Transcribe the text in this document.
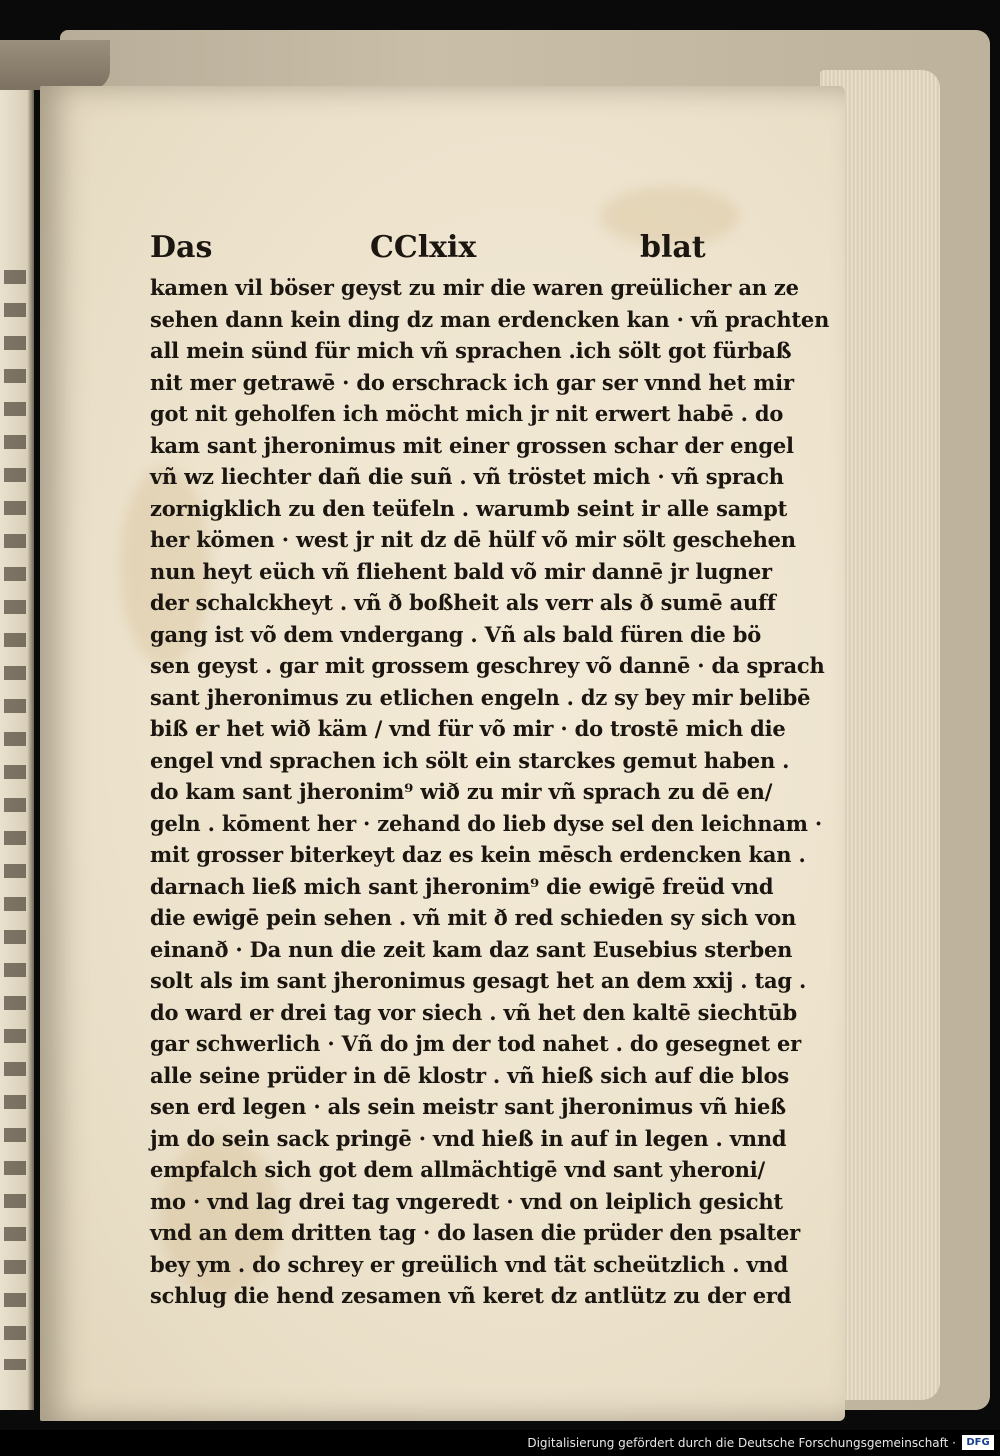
Das	CClxix	blat
kamen vil böser geyst zu mir die waren greülicher an ze
sehen dann kein ding dz man erdencken kan · vñ prachten
all mein sünd für mich vñ sprachen .ich sölt got fürbaß
nit mer getrawē · do erschrack ich gar ser vnnd het mir
got nit geholfen ich möcht mich jr nit erwert habē . do
kam sant jheronimus mit einer grossen schar der engel
vñ wz liechter dañ die suñ . vñ tröstet mich · vñ sprach
zornigklich zu den teüfeln . warumb seint ir alle sampt
her kömen · west jr nit dz dē hülf võ mir sölt geschehen
nun heyt eüch vñ fliehent bald võ mir dannē jr lugner
der schalckheyt . vñ ð boßheit als verr als ð sumē auff
gang ist võ dem vndergang . Vñ als bald füren die bö
sen geyst . gar mit grossem geschrey võ dannē · da sprach
sant jheronimus zu etlichen engeln . dz sy bey mir belibē
biß er het wið käm / vnd für võ mir · do trostē mich die
engel vnd sprachen ich sölt ein starckes gemut haben .
do kam sant jheronim⁹ wið zu mir vñ sprach zu dē en/
geln . kōment her · zehand do lieb dyse sel den leichnam ·
mit grosser biterkeyt daz es kein mēsch erdencken kan .
darnach ließ mich sant jheronim⁹ die ewigē freüd vnd
die ewigē pein sehen . vñ mit ð red schieden sy sich von
einanð · Da nun die zeit kam daz sant Eusebius sterben
solt als im sant jheronimus gesagt het an dem xxij . tag .
do ward er drei tag vor siech . vñ het den kaltē siechtūb
gar schwerlich · Vñ do jm der tod nahet . do gesegnet er
alle seine prüder in dē klostr . vñ hieß sich auf die blos
sen erd legen · als sein meistr sant jheronimus vñ hieß
jm do sein sack pringē · vnd hieß in auf in legen . vnnd
empfalch sich got dem allmächtigē vnd sant yheroni/
mo · vnd lag drei tag vngeredt · vnd on leiplich gesicht
vnd an dem dritten tag · do lasen die prüder den psalter
bey ym . do schrey er greülich vnd tät scheützlich . vnd
schlug die hend zesamen vñ keret dz antlütz zu der erd
Digitalisierung gefördert durch die Deutsche Forschungsgemeinschaft ·	DFG
